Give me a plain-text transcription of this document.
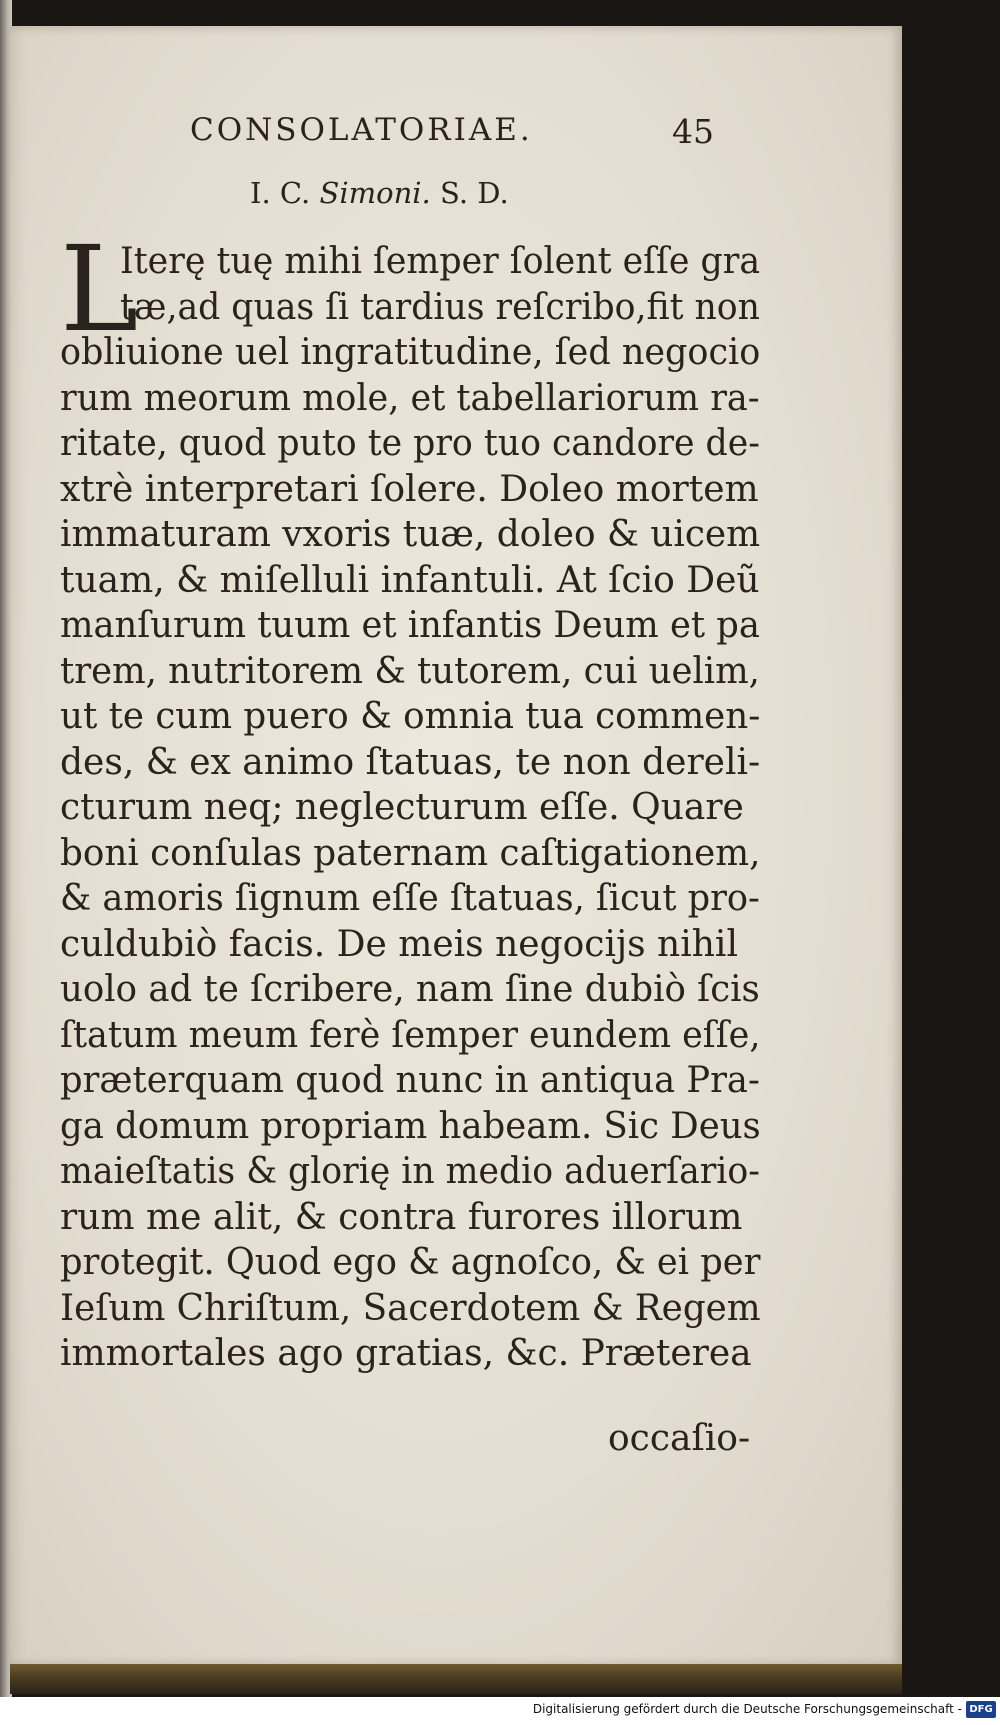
CONSOLATORIAE.	45
I. C. Simoni. S. D.
L
Iterę tuę mihi ſemper ſolent eſſe gra
tæ,ad quas ſi tardius reſcribo,fit non
obliuione uel ingratitudine, ſed negocio
rum meorum mole, et tabellariorum ra-
ritate, quod puto te pro tuo candore de-
xtrè interpretari ſolere. Doleo mortem
immaturam vxoris tuæ, doleo & uicem
tuam, & miſelluli infantuli. At ſcio Deũ
manſurum tuum et infantis Deum et pa
trem, nutritorem & tutorem, cui uelim,
ut te cum puero & omnia tua commen-
des, & ex animo ſtatuas, te non dereli-
cturum neq; neglecturum eſſe. Quare
boni conſulas paternam caſtigationem,
& amoris ſignum eſſe ſtatuas, ſicut pro-
culdubiò facis. De meis negocijs nihil
uolo ad te ſcribere, nam ſine dubiò ſcis
ſtatum meum ferè ſemper eundem eſſe,
præterquam quod nunc in antiqua Pra-
ga domum propriam habeam. Sic Deus
maieſtatis & glorię in medio aduerſario-
rum me alit, & contra furores illorum
protegit. Quod ego & agnoſco, & ei per
Ieſum Chriſtum, Sacerdotem & Regem
immortales ago gratias, &c. Præterea
occaſio-
Digitalisierung gefördert durch die Deutsche Forschungsgemeinschaft - DFG
